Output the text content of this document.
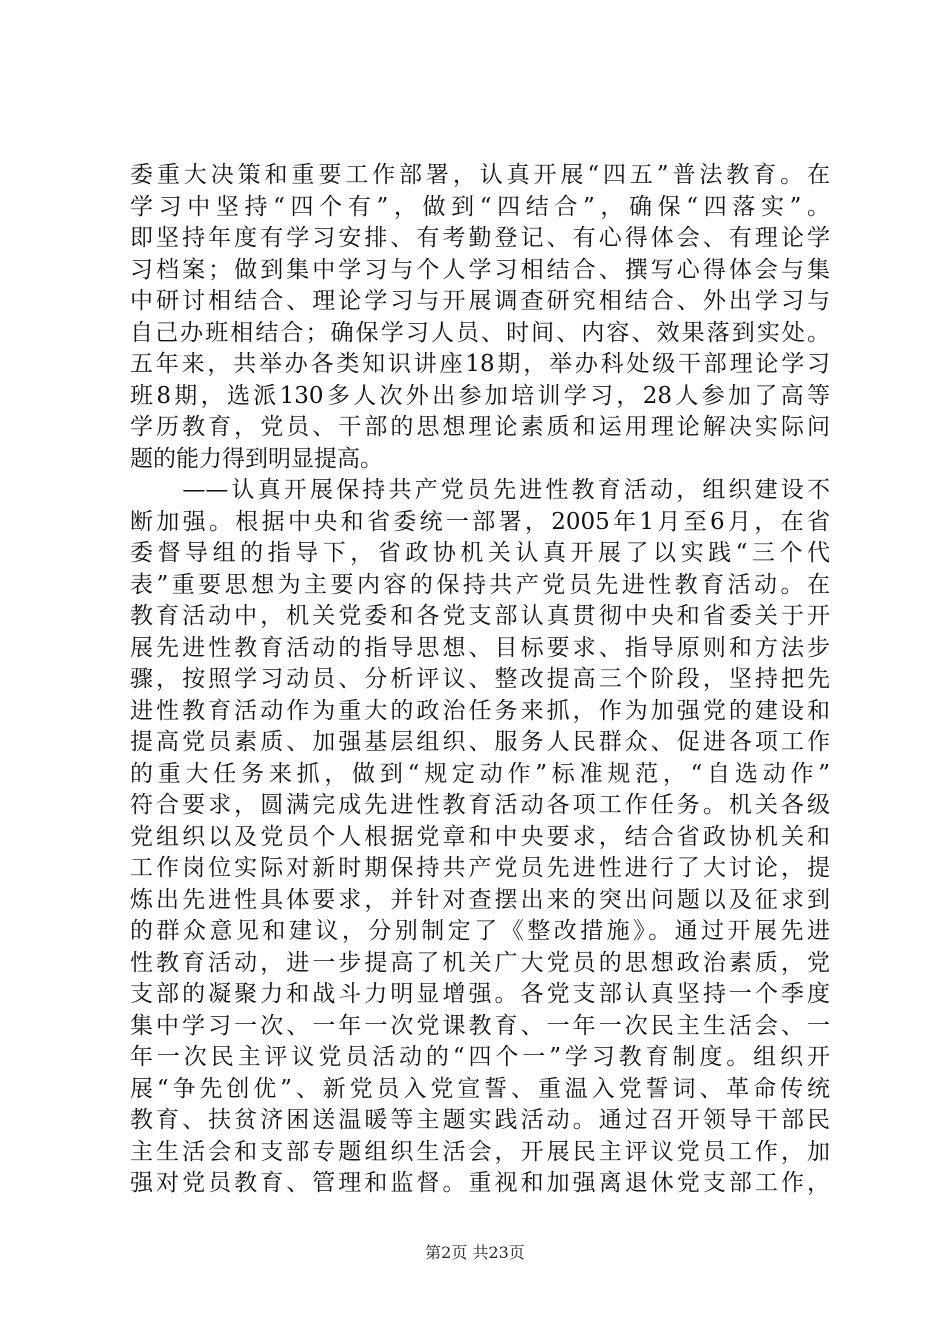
委重大决策和重要工作部署，认真开展“四五”普法教育。在
学习中坚持“四个有”，做到“四结合”，确保“四落实”。
即坚持年度有学习安排、有考勤登记、有心得体会、有理论学
习档案；做到集中学习与个人学习相结合、撰写心得体会与集
中研讨相结合、理论学习与开展调查研究相结合、外出学习与
自己办班相结合；确保学习人员、时间、内容、效果落到实处。
五年来，共举办各类知识讲座18期，举办科处级干部理论学习
班8期，选派130多人次外出参加培训学习，28人参加了高等
学历教育，党员、干部的思想理论素质和运用理论解决实际问
题的能力得到明显提高。
　　——认真开展保持共产党员先进性教育活动，组织建设不
断加强。根据中央和省委统一部署，2005年1月至6月，在省
委督导组的指导下，省政协机关认真开展了以实践“三个代
表”重要思想为主要内容的保持共产党员先进性教育活动。在
教育活动中，机关党委和各党支部认真贯彻中央和省委关于开
展先进性教育活动的指导思想、目标要求、指导原则和方法步
骤，按照学习动员、分析评议、整改提高三个阶段，坚持把先
进性教育活动作为重大的政治任务来抓，作为加强党的建设和
提高党员素质、加强基层组织、服务人民群众、促进各项工作
的重大任务来抓，做到“规定动作”标准规范，“自选动作”
符合要求，圆满完成先进性教育活动各项工作任务。机关各级
党组织以及党员个人根据党章和中央要求，结合省政协机关和
工作岗位实际对新时期保持共产党员先进性进行了大讨论，提
炼出先进性具体要求，并针对查摆出来的突出问题以及征求到
的群众意见和建议，分别制定了《整改措施》。通过开展先进
性教育活动，进一步提高了机关广大党员的思想政治素质，党
支部的凝聚力和战斗力明显增强。各党支部认真坚持一个季度
集中学习一次、一年一次党课教育、一年一次民主生活会、一
年一次民主评议党员活动的“四个一”学习教育制度。组织开
展“争先创优”、新党员入党宣誓、重温入党誓词、革命传统
教育、扶贫济困送温暖等主题实践活动。通过召开领导干部民
主生活会和支部专题组织生活会，开展民主评议党员工作，加
强对党员教育、管理和监督。重视和加强离退休党支部工作，
第2页 共23页
